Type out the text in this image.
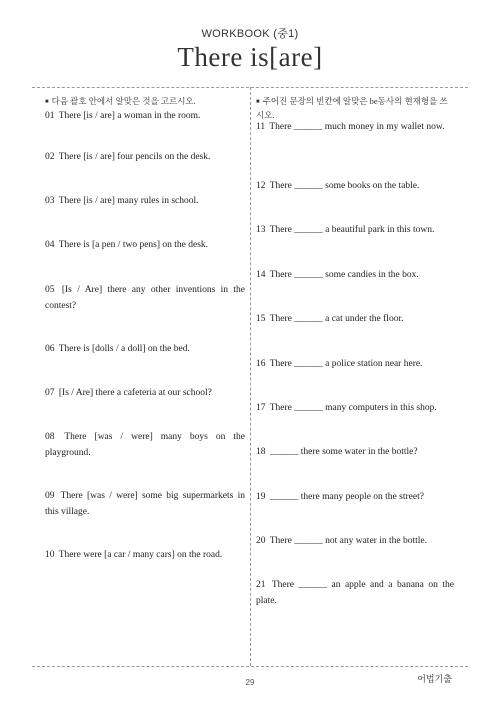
WORKBOOK (중1)
There is[are]
■ 다음 괄호 안에서 알맞은 것을 고르시오.
01 There [is / are] a woman in the room.
02 There [is / are] four pencils on the desk.
03 There [is / are] many rules in school.
04 There is [a pen / two pens] on the desk.
05 [Is / Are] there any other inventions in the contest?
06 There is [dolls / a doll] on the bed.
07 [Is / Are] there a cafeteria at our school?
08 There [was / were] many boys on the playground.
09 There [was / were] some big supermarkets in this village.
10 There were [a car / many cars] on the road.
■ 주어진 문장의 빈칸에 알맞은 be동사의 현재형을 쓰시오.
11 There ______ much money in my wallet now.
12 There ______ some books on the table.
13 There ______ a beautiful park in this town.
14 There ______ some candies in the box.
15 There ______ a cat under the floor.
16 There ______ a police station near here.
17 There ______ many computers in this shop.
18 ______ there some water in the bottle?
19 ______ there many people on the street?
20 There ______ not any water in the bottle.
21 There ______ an apple and a banana on the plate.
29	어법기출
